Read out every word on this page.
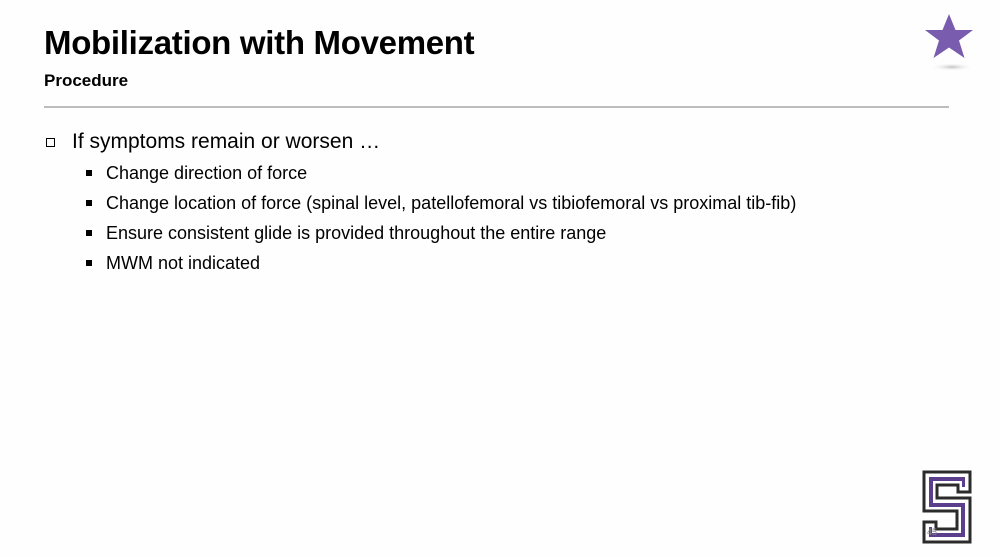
Mobilization with Movement
Procedure
If symptoms remain or worsen …
Change direction of force
Change location of force (spinal level, patellofemoral vs tibiofemoral vs proximal tib-fib)
Ensure consistent glide is provided throughout the entire range
MWM not indicated
45
